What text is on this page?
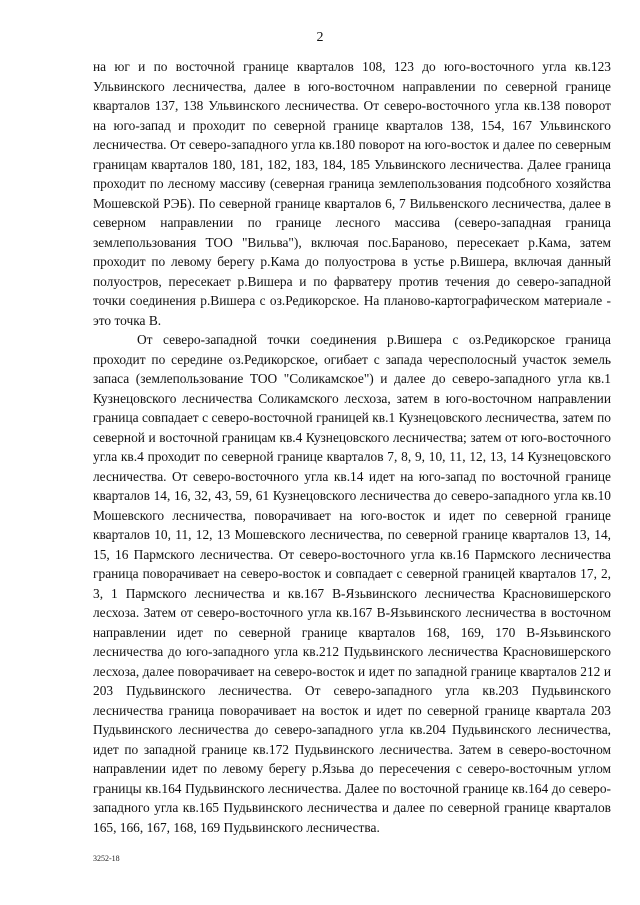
2

на юг и по восточной границе кварталов 108, 123 до юго-восточного угла кв.123 Ульвинского лесничества, далее в юго-восточном направлении по северной границе кварталов 137, 138 Ульвинского лесничества. От северо-восточного угла кв.138 поворот на юго-запад и проходит по северной границе кварталов 138, 154, 167 Ульвинского лесничества. От северо-западного угла кв.180 поворот на юго-восток и далее по северным границам кварталов 180, 181, 182, 183, 184, 185 Ульвинского лесничества. Далее граница проходит по лесному массиву (северная граница землепользования подсобного хозяйства Мошевской РЭБ). По северной границе кварталов 6, 7 Вильвенского лесничества, далее в северном направлении по границе лесного массива (северо-западная граница землепользования ТОО "Вильва"), включая пос.Бараново, пересекает р.Кама, затем проходит по левому берегу р.Кама до полуострова в устье р.Вишера, включая данный полуостров, пересекает р.Вишера и по фарватеру против течения до северо-западной точки соединения р.Вишера с оз.Редикорское. На планово-картографическом материале - это точка В.

От северо-западной точки соединения р.Вишера с оз.Редикорское граница проходит по середине оз.Редикорское, огибает с запада чересполосный участок земель запаса (землепользование ТОО "Соликамское") и далее до северо-западного угла кв.1 Кузнецовского лесничества Соликамского лесхоза, затем в юго-восточном направлении граница совпадает с северо-восточной границей кв.1 Кузнецовского лесничества, затем по северной и восточной границам кв.4 Кузнецовского лесничества; затем от юго-восточного угла кв.4 проходит по северной границе кварталов 7, 8, 9, 10, 11, 12, 13, 14 Кузнецовского лесничества. От северо-восточного угла кв.14 идет на юго-запад по восточной границе кварталов 14, 16, 32, 43, 59, 61 Кузнецовского лесничества до северо-западного угла кв.10 Мошевского лесничества, поворачивает на юго-восток и идет по северной границе кварталов 10, 11, 12, 13 Мошевского лесничества, по северной границе кварталов 13, 14, 15, 16 Пармского лесничества. От северо-восточного угла кв.16 Пармского лесничества граница поворачивает на северо-восток и совпадает с северной границей кварталов 17, 2, 3, 1 Пармского лесничества и кв.167 В-Язьвинского лесничества Красновишерского лесхоза. Затем от северо-восточного угла кв.167 В-Язьвинского лесничества в восточном направлении идет по северной границе кварталов 168, 169, 170 В-Язьвинского лесничества до юго-западного угла кв.212 Пудьвинского лесничества Красновишерского лесхоза, далее поворачивает на северо-восток и идет по западной границе кварталов 212 и 203 Пудьвинского лесничества. От северо-западного угла кв.203 Пудьвинского лесничества граница поворачивает на восток и идет по северной границе квартала 203 Пудьвинского лесничества до северо-западного угла кв.204 Пудьвинского лесничества, идет по западной границе кв.172 Пудьвинского лесничества. Затем в северо-восточном направлении идет по левому берегу р.Язьва до пересечения с северо-восточным углом границы кв.164 Пудьвинского лесничества. Далее по восточной границе кв.164 до северо-западного угла кв.165 Пудьвинского лесничества и далее по северной границе кварталов 165, 166, 167, 168, 169 Пудьвинского лесничества.

3252-18
